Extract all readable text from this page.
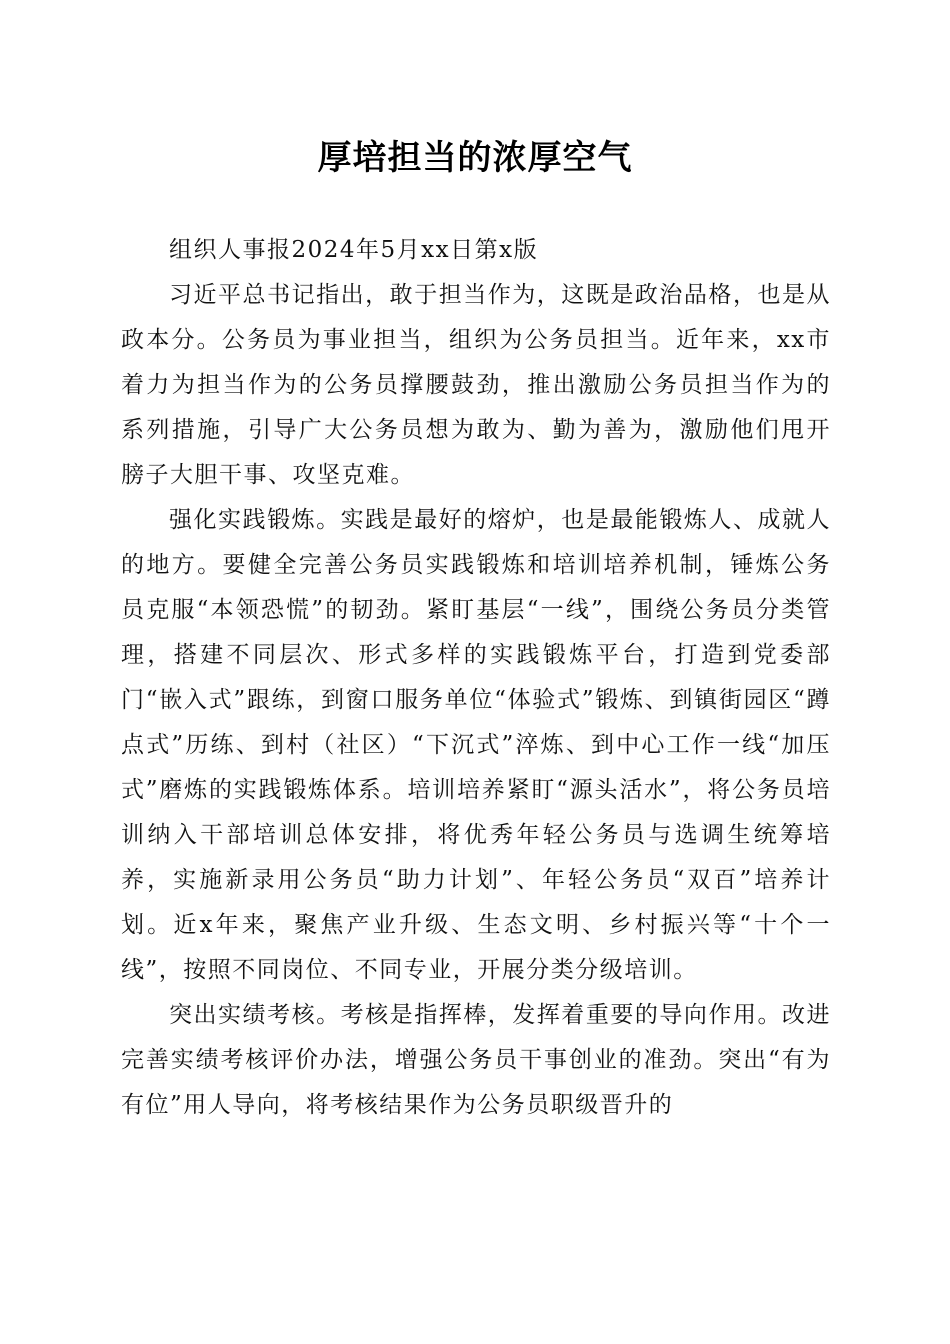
厚培担当的浓厚空气

组织人事报2024年5月xx日第x版

习近平总书记指出，敢于担当作为，这既是政治品格，也是从政本分。公务员为事业担当，组织为公务员担当。近年来，xx市着力为担当作为的公务员撑腰鼓劲，推出激励公务员担当作为的系列措施，引导广大公务员想为敢为、勤为善为，激励他们甩开膀子大胆干事、攻坚克难。

强化实践锻炼。实践是最好的熔炉，也是最能锻炼人、成就人的地方。要健全完善公务员实践锻炼和培训培养机制，锤炼公务员克服“本领恐慌”的韧劲。紧盯基层“一线”，围绕公务员分类管理，搭建不同层次、形式多样的实践锻炼平台，打造到党委部门“嵌入式”跟练，到窗口服务单位“体验式”锻炼、到镇街园区“蹲点式”历练、到村（社区）“下沉式”淬炼、到中心工作一线“加压式”磨炼的实践锻炼体系。培训培养紧盯“源头活水”，将公务员培训纳入干部培训总体安排，将优秀年轻公务员与选调生统筹培养，实施新录用公务员“助力计划”、年轻公务员“双百”培养计划。近x年来，聚焦产业升级、生态文明、乡村振兴等“十个一线”，按照不同岗位、不同专业，开展分类分级培训。

突出实绩考核。考核是指挥棒，发挥着重要的导向作用。改进完善实绩考核评价办法，增强公务员干事创业的准劲。突出“有为有位”用人导向，将考核结果作为公务员职级晋升的
